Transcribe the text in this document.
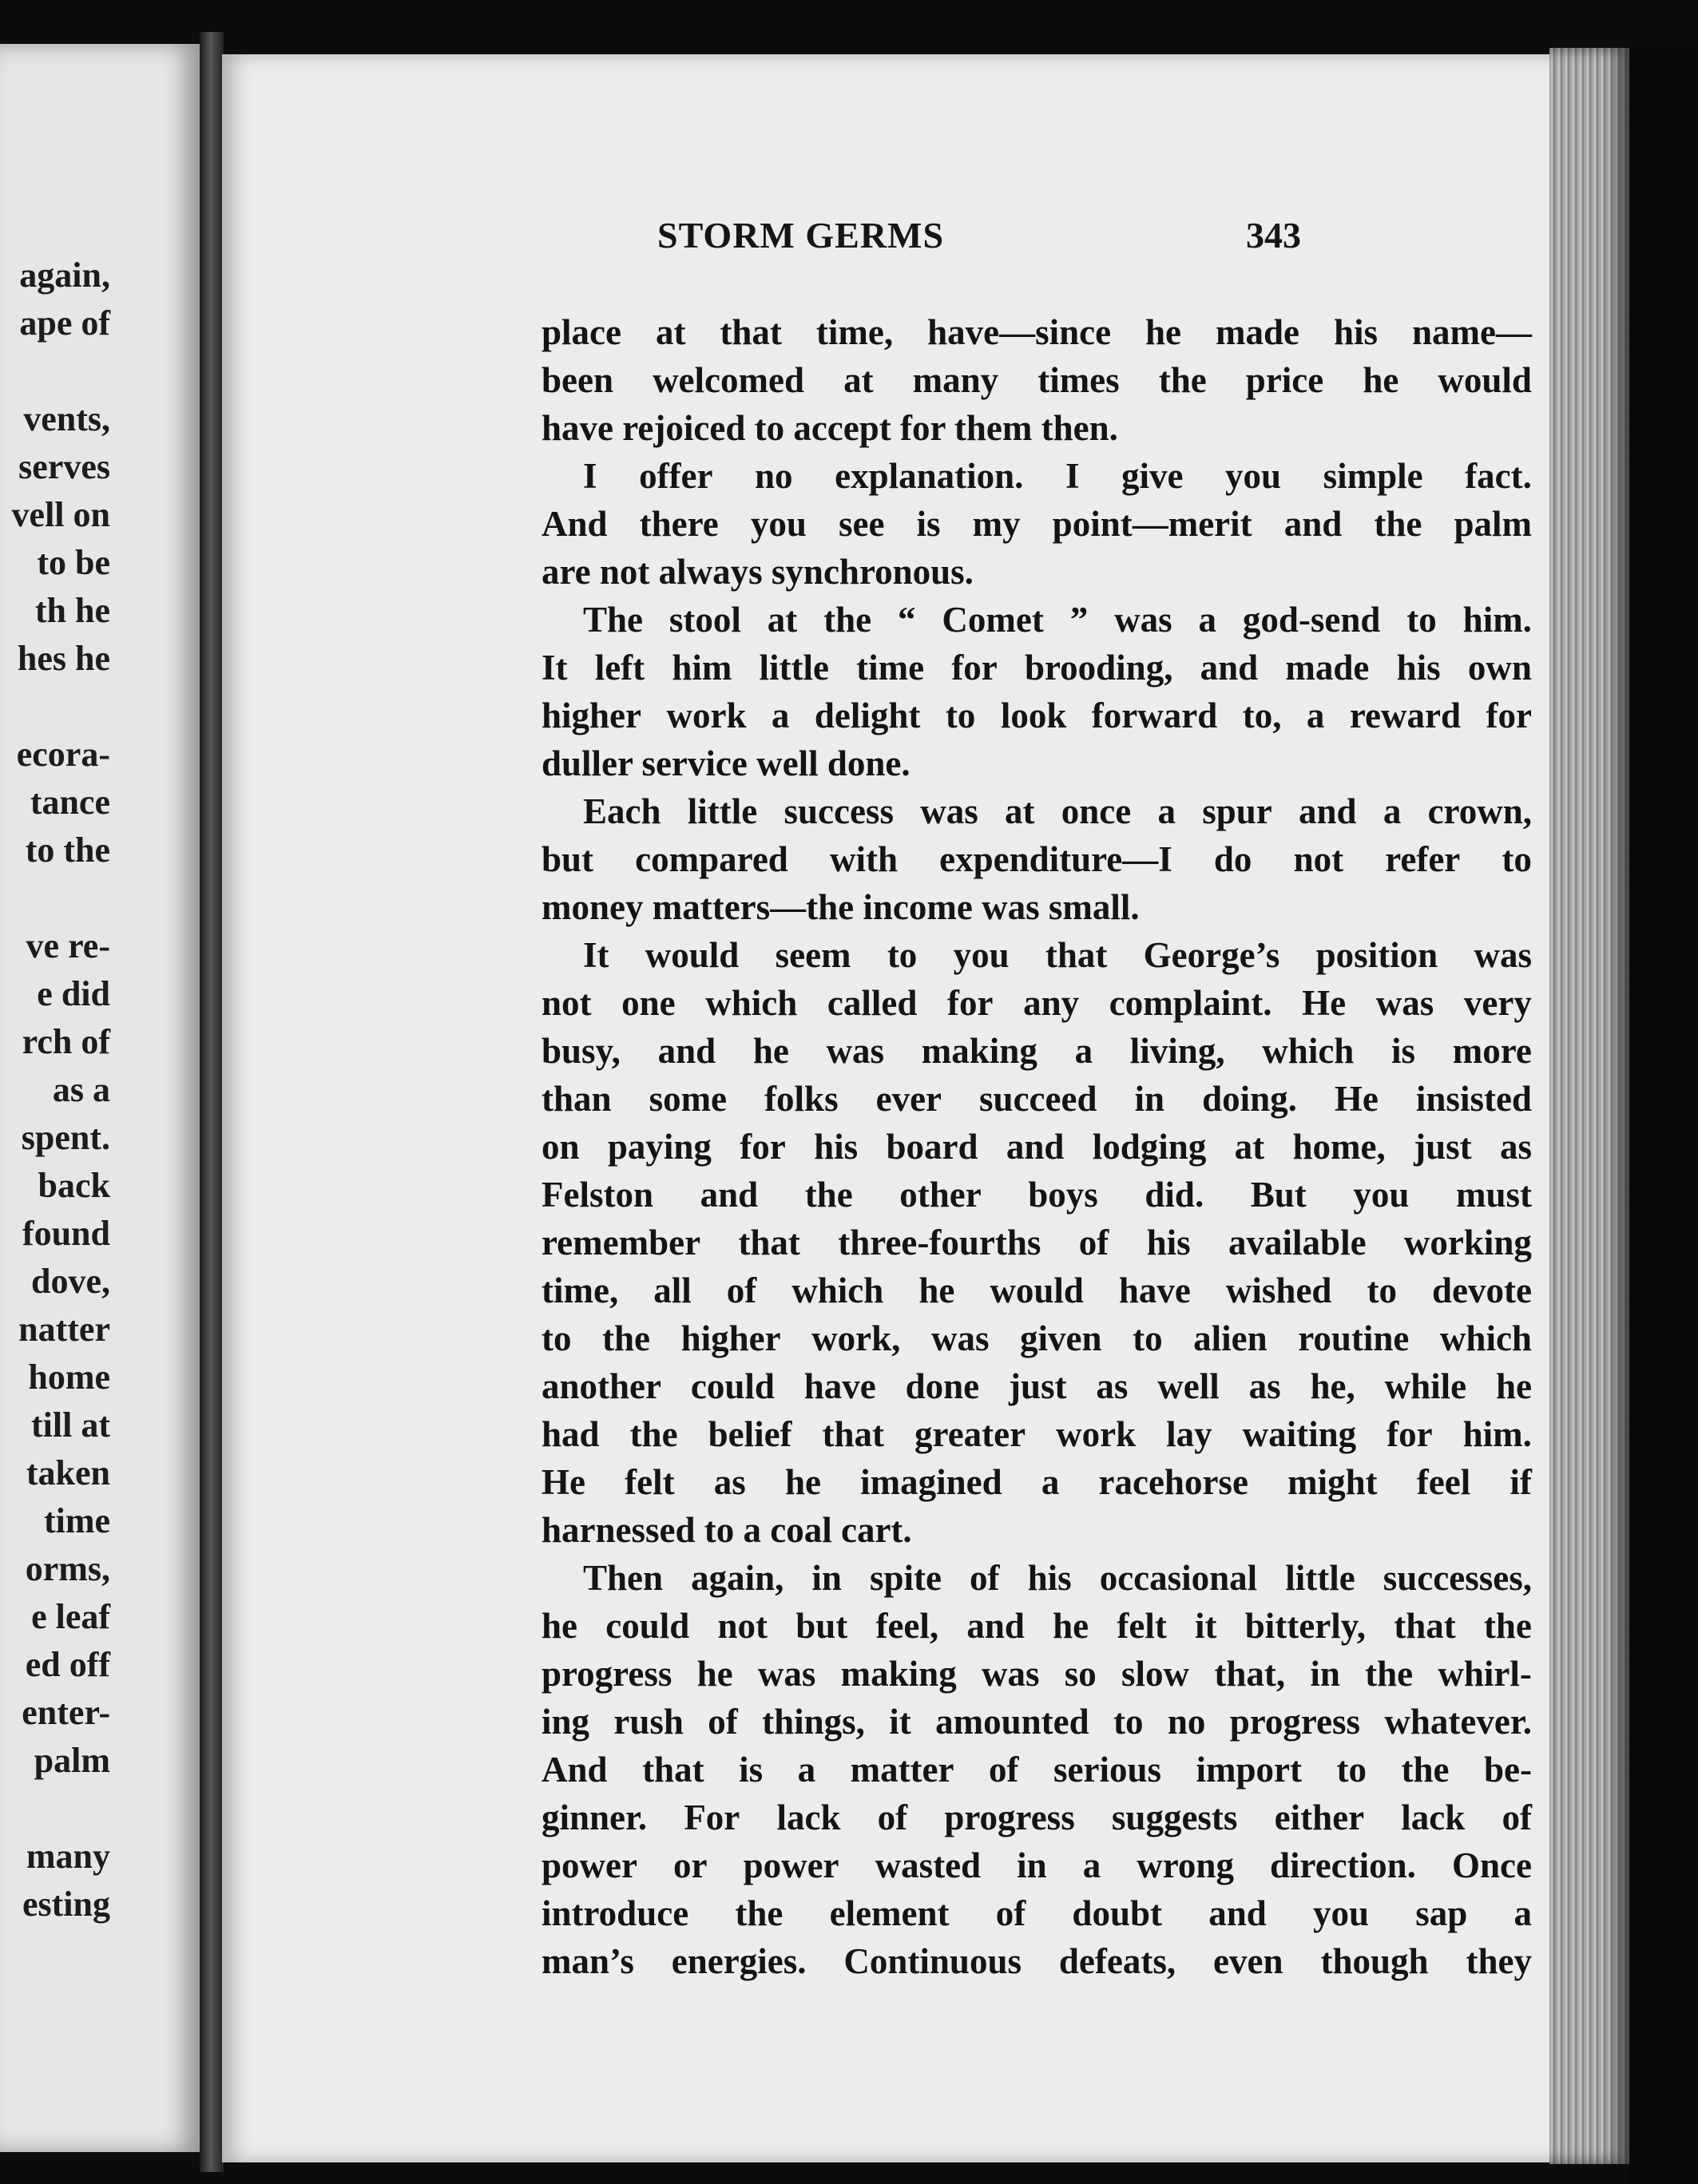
again,

ape of

vents,

serves

vell on

to be

th he

hes he

ecora-

tance

to the

ve re-

e did

rch of

as a

spent.

back

found

dove,

natter

home

till at

taken

time

orms,

e leaf

ed off

enter-

palm

many

esting

STORM GERMS	343
place at that time, have—since he made his name—
been welcomed at many times the price he would
have rejoiced to accept for them then.
I offer no explanation. I give you simple fact.
And there you see is my point—merit and the palm
are not always synchronous.
The stool at the “ Comet ” was a god-send to him.
It left him little time for brooding, and made his own
higher work a delight to look forward to, a reward for
duller service well done.
Each little success was at once a spur and a crown,
but compared with expenditure—I do not refer to
money matters—the income was small.
It would seem to you that George’s position was
not one which called for any complaint. He was very
busy, and he was making a living, which is more
than some folks ever succeed in doing. He insisted
on paying for his board and lodging at home, just as
Felston and the other boys did. But you must
remember that three-fourths of his available working
time, all of which he would have wished to devote
to the higher work, was given to alien routine which
another could have done just as well as he, while he
had the belief that greater work lay waiting for him.
He felt as he imagined a racehorse might feel if
harnessed to a coal cart.
Then again, in spite of his occasional little successes,
he could not but feel, and he felt it bitterly, that the
progress he was making was so slow that, in the whirl-
ing rush of things, it amounted to no progress whatever.
And that is a matter of serious import to the be-
ginner. For lack of progress suggests either lack of
power or power wasted in a wrong direction. Once
introduce the element of doubt and you sap a
man’s energies. Continuous defeats, even though they
